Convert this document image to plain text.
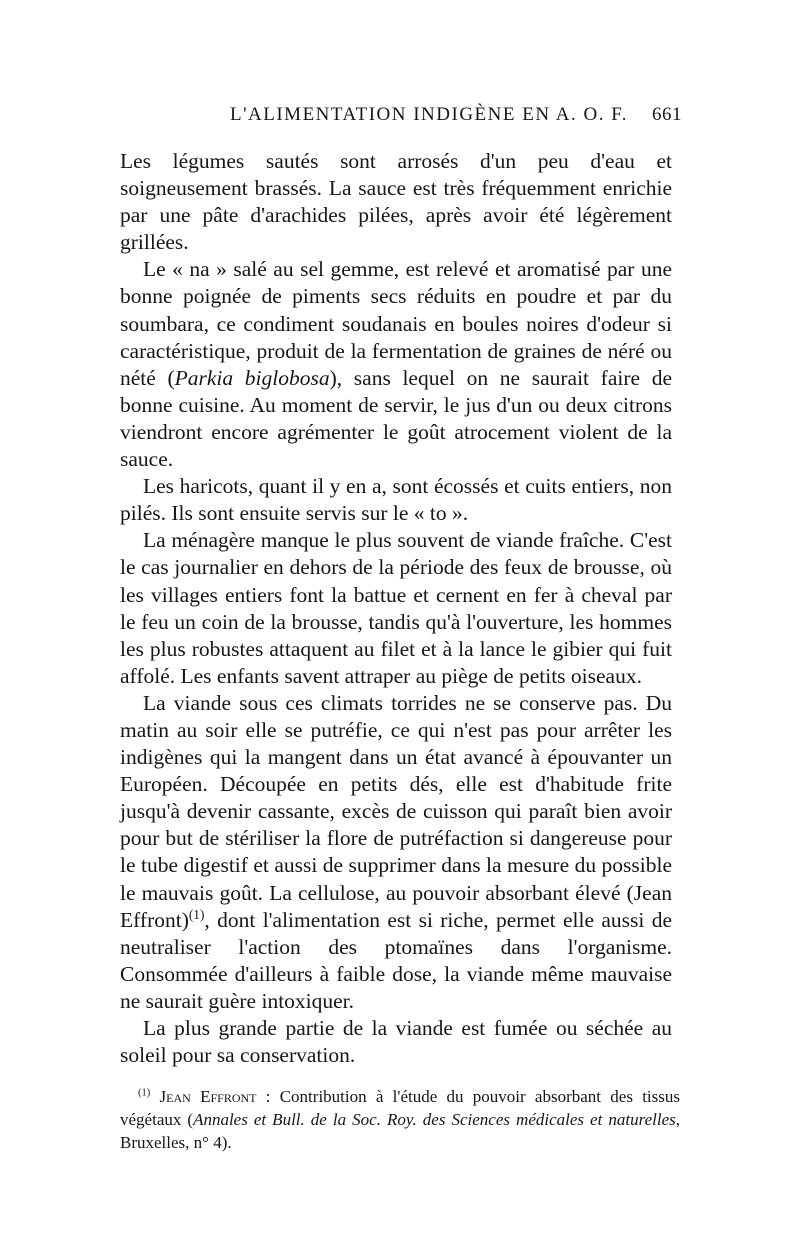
L'ALIMENTATION INDIGÈNE EN A. O. F. 661

Les légumes sautés sont arrosés d'un peu d'eau et soigneusement brassés. La sauce est très fréquemment enrichie par une pâte d'arachides pilées, après avoir été légèrement grillées.

Le « na » salé au sel gemme, est relevé et aromatisé par une bonne poignée de piments secs réduits en poudre et par du soumbara, ce condiment soudanais en boules noires d'odeur si caractéristique, produit de la fermentation de graines de néré ou nété (Parkia biglobosa), sans lequel on ne saurait faire de bonne cuisine. Au moment de servir, le jus d'un ou deux citrons viendront encore agrémenter le goût atrocement violent de la sauce.

Les haricots, quant il y en a, sont écossés et cuits entiers, non pilés. Ils sont ensuite servis sur le « to ».

La ménagère manque le plus souvent de viande fraîche. C'est le cas journalier en dehors de la période des feux de brousse, où les villages entiers font la battue et cernent en fer à cheval par le feu un coin de la brousse, tandis qu'à l'ouverture, les hommes les plus robustes attaquent au filet et à la lance le gibier qui fuit affolé. Les enfants savent attraper au piège de petits oiseaux.

La viande sous ces climats torrides ne se conserve pas. Du matin au soir elle se putréfie, ce qui n'est pas pour arrêter les indigènes qui la mangent dans un état avancé à épouvanter un Européen. Découpée en petits dés, elle est d'habitude frite jusqu'à devenir cassante, excès de cuisson qui paraît bien avoir pour but de stériliser la flore de putréfaction si dangereuse pour le tube digestif et aussi de supprimer dans la mesure du possible le mauvais goût. La cellulose, au pouvoir absorbant élevé (Jean Effront)$^{(1)}$, dont l'alimentation est si riche, permet elle aussi de neutraliser l'action des ptomaïnes dans l'organisme. Consommée d'ailleurs à faible dose, la viande même mauvaise ne saurait guère intoxiquer.

La plus grande partie de la viande est fumée ou séchée au soleil pour sa conservation.

$^{(1)}$ Jean Effront : Contribution à l'étude du pouvoir absorbant des tissus végétaux (Annales et Bull. de la Soc. Roy. des Sciences médicales et naturelles, Bruxelles, n° 4).
